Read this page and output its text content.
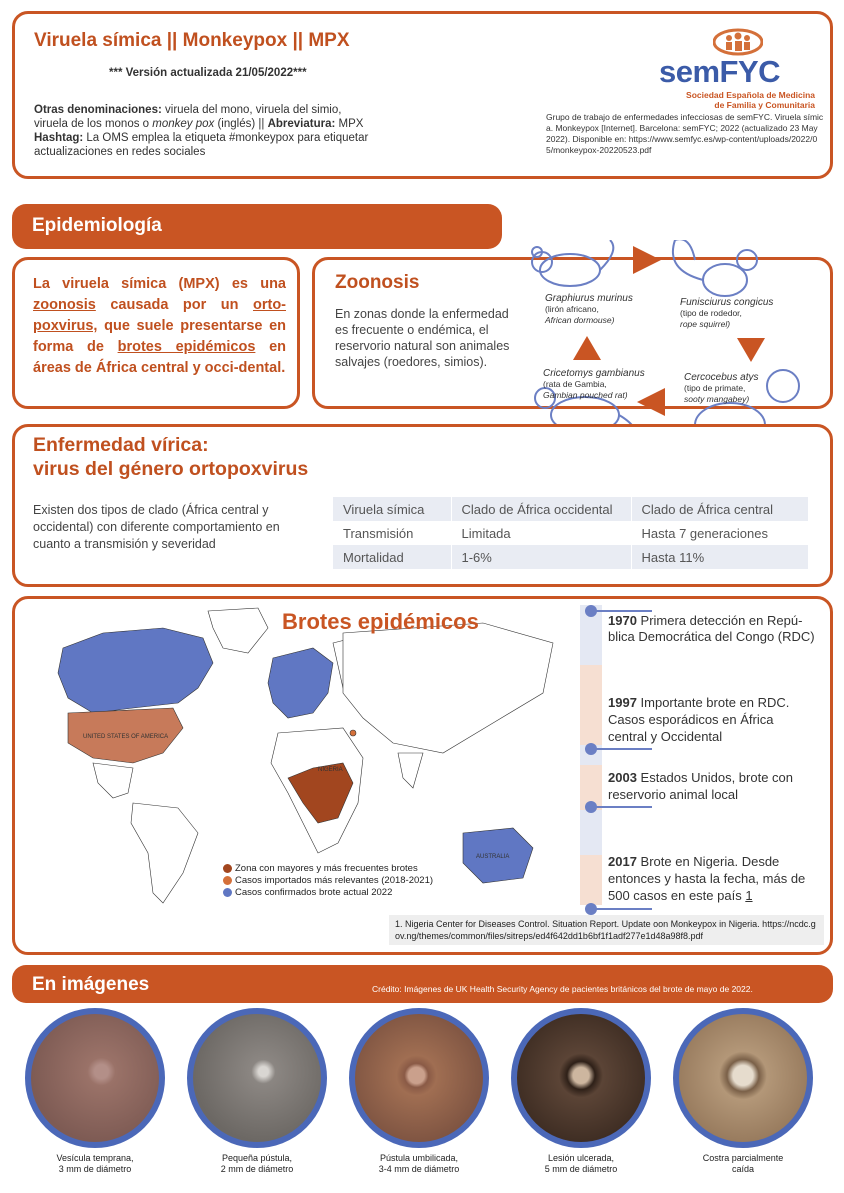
Viruela símica || Monkeypox || MPX
*** Versión actualizada 21/05/2022***
Otras denominaciones: viruela del mono, viruela del simio,
viruela de los monos o monkey pox (inglés) || Abreviatura: MPX
Hashtag: La OMS emplea la etiqueta #monkeypox para etiquetar
actualizaciones en redes sociales
semFYC
Sociedad Española de Medicina
de Familia y Comunitaria
Grupo de trabajo de enfermedades infecciosas de semFYC. Viruela símica. Monkeypox [Internet]. Barcelona: semFYC; 2022 (actualizado 23 May 2022). Disponible en: https://www.semfyc.es/wp-content/uploads/2022/05/monkeypox-20220523.pdf
Epidemiología
La viruela símica (MPX) es una zoonosis causada por un orto-poxvirus, que suele presentarse en forma de brotes epidémicos en áreas de África central y occi-dental.
Zoonosis
En zonas donde la enfermedad es frecuente o endémica, el reservorio natural son animales salvajes (roedores, simios).
Graphiurus murinus
(lirón africano,
African dormouse)
Funisciurus congicus
(tipo de rodedor,
rope squirrel)
Cercocebus atys
(tipo de primate,
sooty mangabey)
Cricetomys gambianus
(rata de Gambia,
Gambian pouched rat)
Enfermedad vírica:
virus del género ortopoxvirus
Existen dos tipos de clado (África central y occidental) con diferente comportamiento en cuanto a transmisión y severidad
Viruela símica	Clado de África occidental	Clado de África central
Transmisión	Limitada	Hasta 7 generaciones
Mortalidad	1-6%	Hasta 11%
UNITED STATES OF AMERICA
NIGERIA
AUSTRALIA
Brotes epidémicos
Zona con mayores y más frecuentes brotes
Casos importados más relevantes (2018-2021)
Casos confirmados brote actual 2022
1970 Primera detección en Repú-
blica Democrática del Congo (RDC)
1997 Importante brote en RDC.
Casos esporádicos en África
central y Occidental
2003 Estados Unidos, brote con
reservorio animal local
2017 Brote en Nigeria. Desde
entonces y hasta la fecha, más de
500 casos en este país 1
1. Nigeria Center for Diseases Control. Situation Report. Update oon Monkeypox in Nigeria. https://ncdc.gov.ng/themes/common/files/sitreps/ed4f642dd1b6bf1f1adf277e1d48a98f8.pdf
En imágenes	Crédito: Imágenes de UK Health Security Agency de pacientes británicos del brote de mayo de 2022.
Vesícula temprana,
3 mm de diámetro
Pequeña pústula,
2 mm de diámetro
Pústula umbilicada,
3-4 mm de diámetro
Lesión ulcerada,
5 mm de diámetro
Costra parcialmente
caída
